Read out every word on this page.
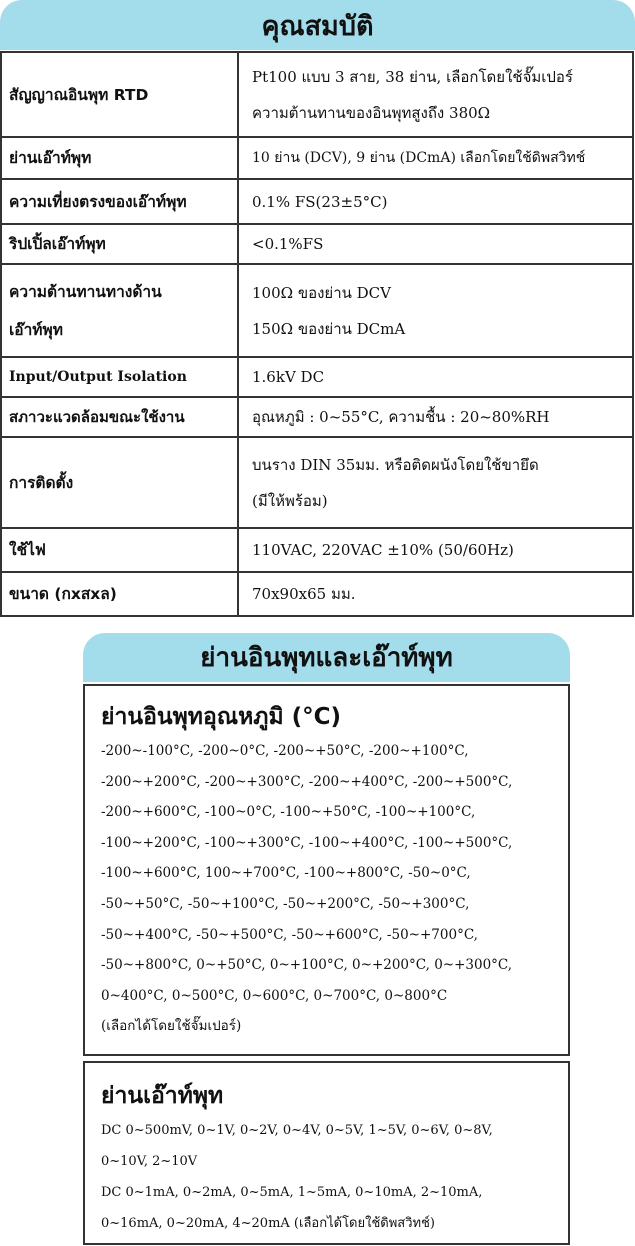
คุณสมบัติ
สัญญาณอินพุท RTD	Pt100 แบบ 3 สาย, 38 ย่าน, เลือกโดยใช้จั๊มเปอร์
ความต้านทานของอินพุทสูงถึง 380Ω

ย่านเอ๊าท์พุท	10 ย่าน (DCV), 9 ย่าน (DCmA) เลือกโดยใช้ดิพสวิทช์

ความเที่ยงตรงของเอ๊าท์พุท	0.1% FS(23±5°C)

ริปเปิ้ลเอ๊าท์พุท	<0.1%FS

ความต้านทานทางด้าน
เอ๊าท์พุท	100Ω ของย่าน DCV
150Ω ของย่าน DCmA

Input/Output Isolation	1.6kV DC

สภาวะแวดล้อมขณะใช้งาน	อุณหภูมิ : 0~55°C, ความชื้น : 20~80%RH

การติดตั้ง	บนราง DIN 35มม. หรือติดผนังโดยใช้ขายึด
(มีให้พร้อม)

ใช้ไฟ	110VAC, 220VAC ±10% (50/60Hz)

ขนาด (กxสxล)	70x90x65 มม.
ย่านอินพุทและเอ๊าท์พุท
ย่านอินพุทอุณหภูมิ (°C)
-200~-100°C, -200~0°C, -200~+50°C, -200~+100°C,
-200~+200°C, -200~+300°C, -200~+400°C, -200~+500°C,
-200~+600°C, -100~0°C, -100~+50°C, -100~+100°C,
-100~+200°C, -100~+300°C, -100~+400°C, -100~+500°C,
-100~+600°C, 100~+700°C, -100~+800°C, -50~0°C,
-50~+50°C, -50~+100°C, -50~+200°C, -50~+300°C,
-50~+400°C, -50~+500°C, -50~+600°C, -50~+700°C,
-50~+800°C, 0~+50°C, 0~+100°C, 0~+200°C, 0~+300°C,
0~400°C, 0~500°C, 0~600°C, 0~700°C, 0~800°C
(เลือกได้โดยใช้จั๊มเปอร์)
ย่านเอ๊าท์พุท
DC 0~500mV, 0~1V, 0~2V, 0~4V, 0~5V, 1~5V, 0~6V, 0~8V,
0~10V, 2~10V
DC 0~1mA, 0~2mA, 0~5mA, 1~5mA, 0~10mA, 2~10mA,
0~16mA, 0~20mA, 4~20mA (เลือกได้โดยใช้ดิพสวิทช์)
